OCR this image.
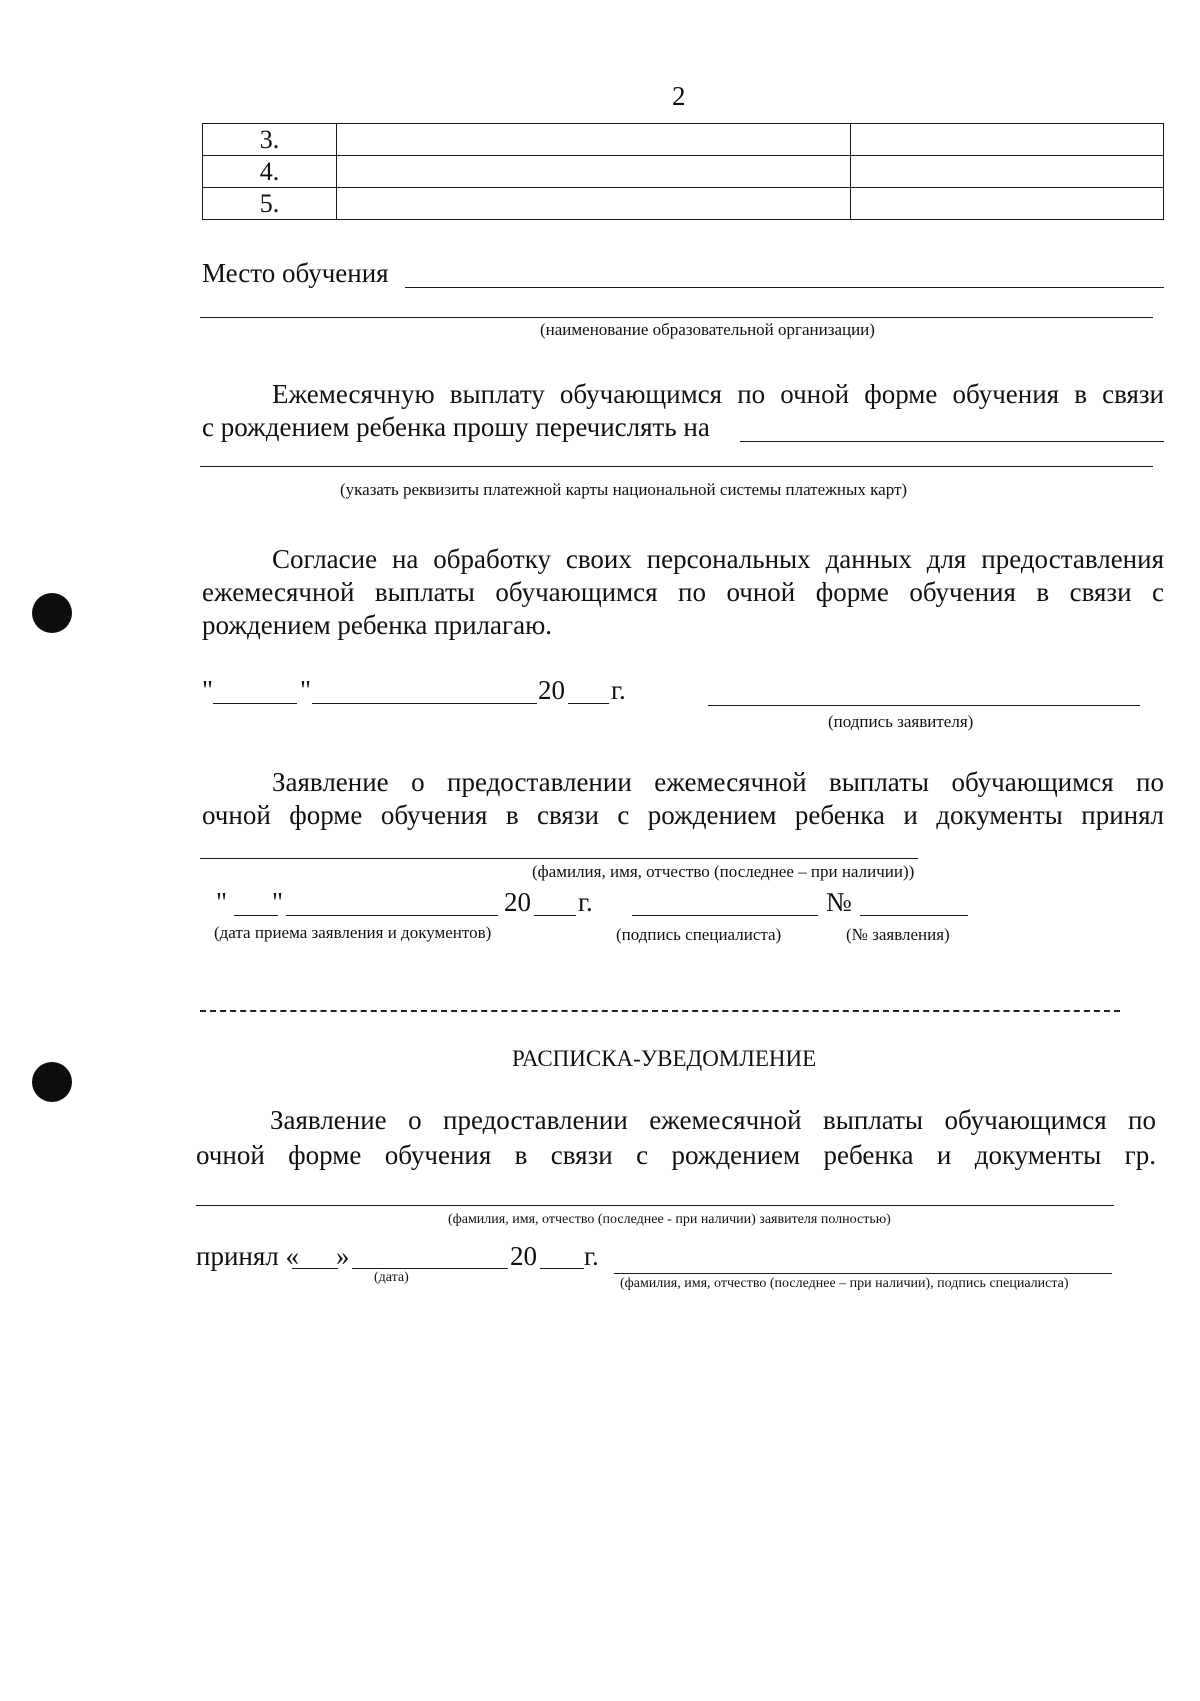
2
3.		
4.		
5.		
Место обучения
(наименование образовательной организации)
Ежемесячную выплату обучающимся по очной форме обучения в связи
с рождением ребенка прошу перечислять на
(указать реквизиты платежной карты национальной системы платежных карт)
Согласие на обработку своих персональных данных для предоставления
ежемесячной выплаты обучающимся по очной форме обучения в связи с
рождением ребенка прилагаю.
"	"	20 г.
(подпись заявителя)
Заявление о предоставлении ежемесячной выплаты обучающимся по
очной форме обучения в связи с рождением ребенка и документы принял
(фамилия, имя, отчество (последнее – при наличии))
" "	20 г.	№
(дата приема заявления и документов)	(подпись специалиста)	(№ заявления)
РАСПИСКА-УВЕДОМЛЕНИЕ
Заявление о предоставлении ежемесячной выплаты обучающимся по
очной форме обучения в связи с рождением ребенка и документы гр.
(фамилия, имя, отчество (последнее - при наличии) заявителя полностью)
принял « »	20 г.
(дата)	(фамилия, имя, отчество (последнее – при наличии), подпись специалиста)
